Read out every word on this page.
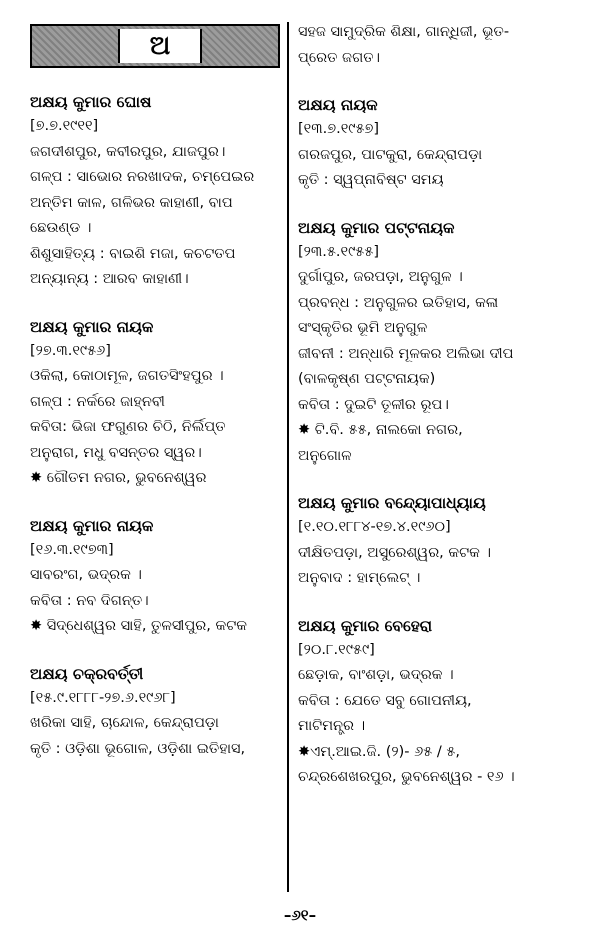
ଅ
ଅକ୍ଷୟ କୁମାର ଘୋଷ
[୭.୭.୧୯୧୧]
ଜଗଦୀଶପୁର, କବୀରପୁର, ଯାଜପୁର।
ଗଳ୍ପ : ସାଭୋର ନରଖାଦକ, ଚମ୍ପେଇର
ଅନ୍ତିମ କାଳ, ଗଳିଭର କାହାଣୀ, ବାପ
ଛେଉଣ୍ଡ ।
ଶିଶୁସାହିତ୍ୟ : ବାଇଶି ମଜା, କଚଟତପ
ଅନ୍ୟାନ୍ୟ : ଆରବ କାହାଣୀ।
ଅକ୍ଷୟ କୁମାର ନାୟକ
[୨୭.୩.୧୯୫୬]
ଓକିଲା, କୋଠାମୂଳ, ଜଗତସିଂହପୁର ।
ଗଳ୍ପ : ନର୍କରେ ଜାହ୍ନବୀ
କବିତା: ଭିଜା ଫଗୁଣର ଚିଠି, ନିର୍ଲିପ୍ତ
ଅନୁରାଗ, ମଧୁ ବସନ୍ତର ସ୍ୱର।
✸ ଗୌତମ ନଗର, ଭୁବନେଶ୍ୱର
ଅକ୍ଷୟ କୁମାର ନାୟକ
[୧୬.୩.୧୯୭୩]
ସାବରଂଗ, ଭଦ୍ରକ ।
କବିତା : ନବ ଦିଗନ୍ତ।
✸ ସିଦ୍ଧେଶ୍ୱର ସାହି, ତୁଳସୀପୁର, କଟକ
ଅକ୍ଷୟ ଚକ୍ରବର୍ତ୍ତୀ
[୧୫.୯.୧୮୮୮-୨୭.୬.୧୯୬୮]
ଖରିକା ସାହି, ଚାନ୍ଦୋଳ, କେନ୍ଦ୍ରାପଡ଼ା
କୃତି : ଓଡ଼ିଶା ଭୂଗୋଳ, ଓଡ଼ିଶା ଇତିହାସ,
ସହଜ ସାମୁଦ୍ରିକ ଶିକ୍ଷା, ଗାନ୍ଧିଜୀ, ଭୂତ-
ପ୍ରେତ ଜଗତ।
ଅକ୍ଷୟ ନାୟକ
[୧୩.୭.୧୯୫୭]
ଗରଜପୁର, ପାଟକୁରା, କେନ୍ଦ୍ରାପଡ଼ା
କୃତି : ସ୍ୱପ୍ନାବିଷ୍ଟ ସମୟ
ଅକ୍ଷୟ କୁମାର ପଟ୍ଟନାୟକ
[୨୩.୫.୧୯୫୫]
ଦୁର୍ଗାପୁର, ଜରପଡ଼ା, ଅନୁଗୁଳ ।
ପ୍ରବନ୍ଧ : ଅନୁଗୁଳର ଇତିହାସ, କଳା
ସଂସ୍କୃତିର ଭୂମି ଅନୁଗୁଳ
ଜୀବନୀ : ଅନ୍ଧାରି ମୂଳକର ଅଲିଭା ଦୀପ
(ବାଳକୃଷ୍ଣ ପଟ୍ଟନାୟକ)
କବିତା : ଦୁଇଟି ତୂଳୀର ରୂପ।
✸ ଟି.ବି. ୫୫, ନାଲକୋ ନଗର,
ଅନୁଗୋଳ
ଅକ୍ଷୟ କୁମାର ବନ୍ଦ୍ୟୋପାଧ୍ୟାୟ
[୧.୧୦.୧୮୮୪-୧୭.୪.୧୯୬୦]
ଦୀକ୍ଷିତପଡ଼ା, ଅସୁରେଶ୍ୱର, କଟକ ।
ଅନୁବାଦ : ହାମ୍‌ଲେଟ୍ ।
ଅକ୍ଷୟ କୁମାର ବେହେରା
[୨୦.୮.୧୯୫୯]
ଛେଡ଼ାକ, ବାଂଶଡ଼ା, ଭଦ୍ରକ ।
କବିତା : ଯେତେ ସବୁ ଗୋପନୀୟ,
ମାଟିମନ୍ତ୍ର ।
✸ଏମ୍.ଆଇ.ଜି. (୨)- ୬୫ / ୫,
ଚନ୍ଦ୍ରଶେଖରପୁର, ଭୁବନେଶ୍ୱର - ୧୬ ।
–୬୧–
